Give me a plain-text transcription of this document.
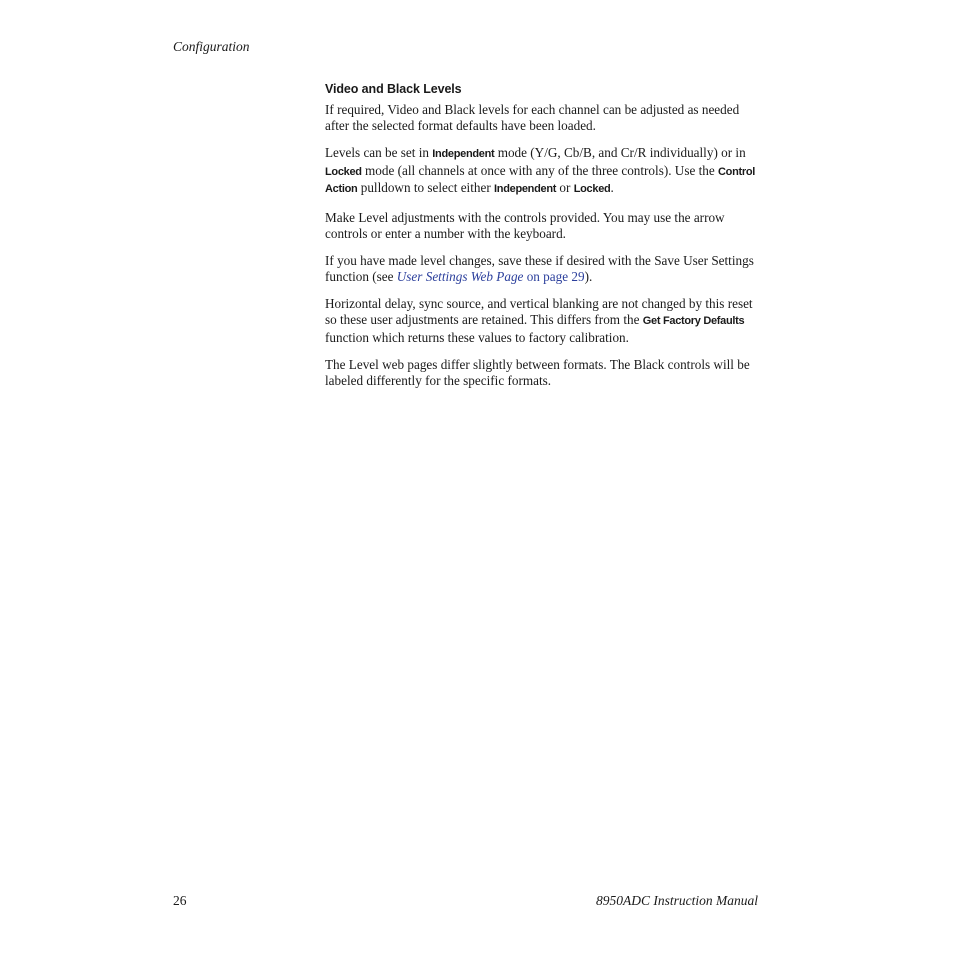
Configuration
Video and Black Levels

If required, Video and Black levels for each channel can be adjusted as needed after the selected format defaults have been loaded.

Levels can be set in Independent mode (Y/G, Cb/B, and Cr/R individually) or in Locked mode (all channels at once with any of the three controls). Use the Control Action pulldown to select either Independent or Locked.

Make Level adjustments with the controls provided. You may use the arrow controls or enter a number with the keyboard.

If you have made level changes, save these if desired with the Save User Settings function (see User Settings Web Page on page 29).

Horizontal delay, sync source, and vertical blanking are not changed by this reset so these user adjustments are retained. This differs from the Get Factory Defaults function which returns these values to factory calibration.

The Level web pages differ slightly between formats. The Black controls will be labeled differently for the specific formats.

26	8950ADC Instruction Manual
